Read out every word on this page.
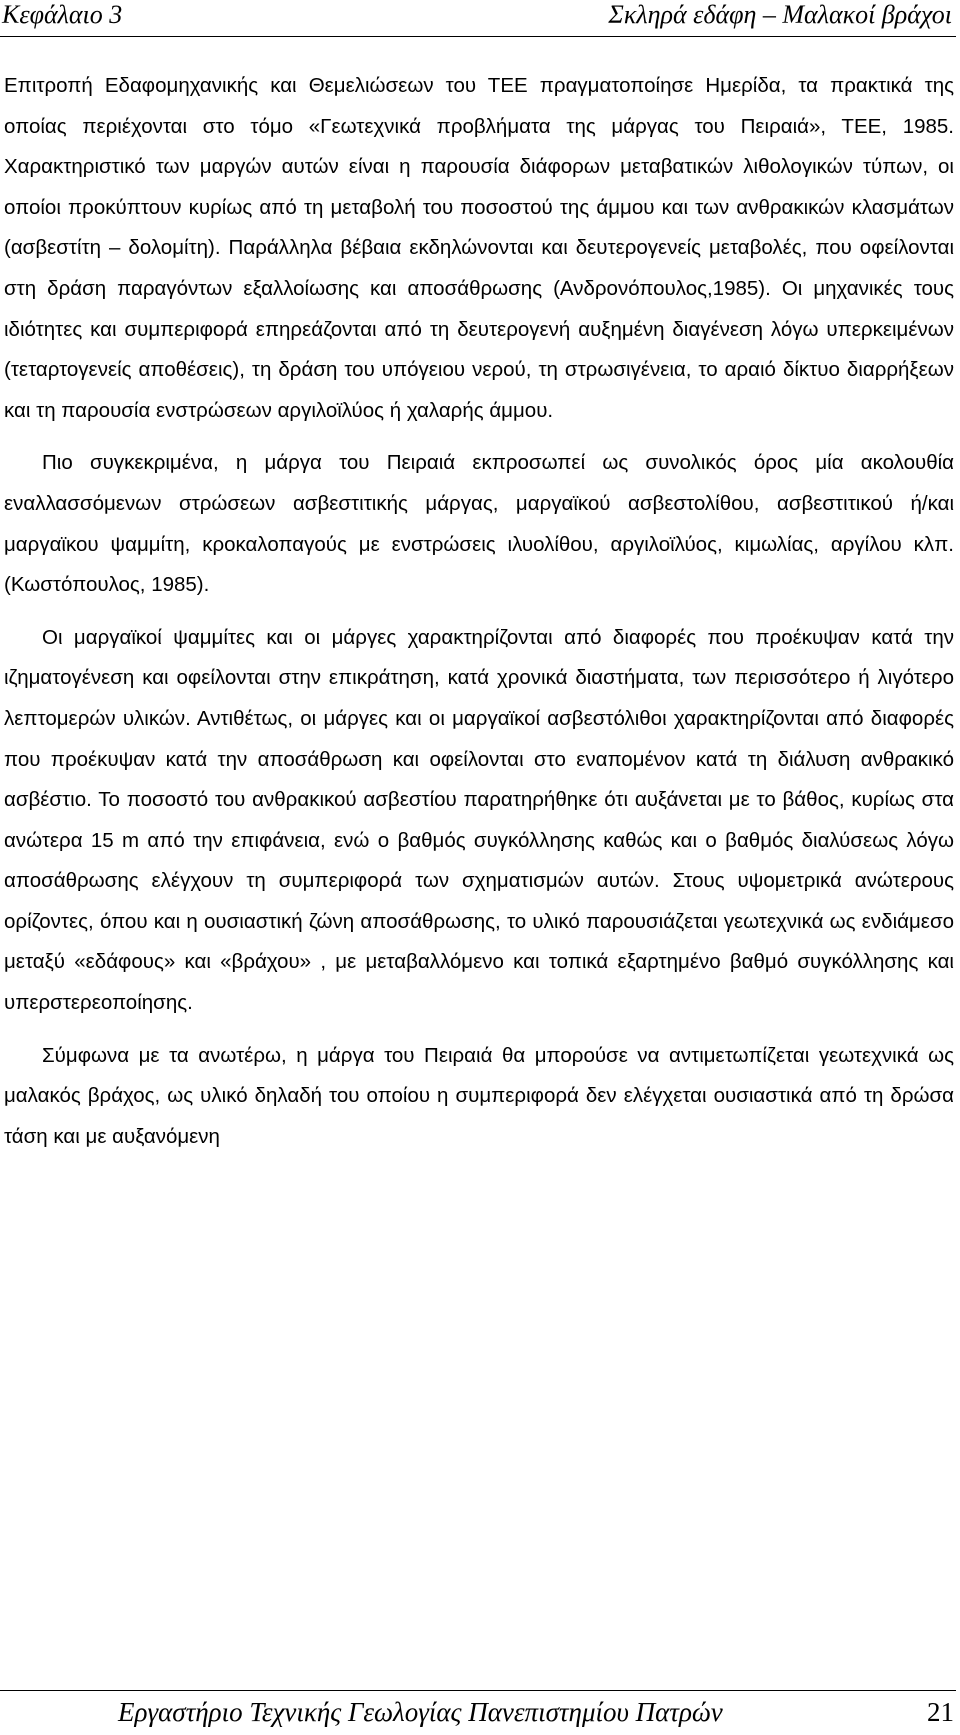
Κεφάλαιο 3	Σκληρά εδάφη – Μαλακοί βράχοι

Επιτροπή Εδαφομηχανικής και Θεμελιώσεων του ΤΕΕ πραγματοποίησε Ημερίδα, τα πρακτικά της οποίας περιέχονται στο τόμο «Γεωτεχνικά προβλήματα της μάργας του Πειραιά», ΤΕΕ, 1985. Χαρακτηριστικό των μαργών αυτών είναι η παρουσία διάφορων μεταβατικών λιθολογικών τύπων, οι οποίοι προκύπτουν κυρίως από τη μεταβολή του ποσοστού της άμμου και των ανθρακικών κλασμάτων (ασβεστίτη – δολομίτη). Παράλληλα βέβαια εκδηλώνονται και δευτερογενείς μεταβολές, που οφείλονται στη δράση παραγόντων εξαλλοίωσης και αποσάθρωσης (Ανδρονόπουλος,1985). Οι μηχανικές τους ιδιότητες και συμπεριφορά επηρεάζονται από τη δευτερογενή αυξημένη διαγένεση λόγω υπερκειμένων (τεταρτογενείς αποθέσεις), τη δράση του υπόγειου νερού, τη στρωσιγένεια, το αραιό δίκτυο διαρρήξεων και τη παρουσία ενστρώσεων αργιλοϊλύος ή χαλαρής άμμου.

Πιο συγκεκριμένα, η μάργα του Πειραιά εκπροσωπεί ως συνολικός όρος μία ακολουθία εναλλασσόμενων στρώσεων ασβεστιτικής μάργας, μαργαϊκού ασβεστολίθου, ασβεστιτικού ή/και μαργαϊκου ψαμμίτη, κροκαλοπαγούς με ενστρώσεις ιλυολίθου, αργιλοϊλύος, κιμωλίας, αργίλου κλπ.(Κωστόπουλος, 1985).

Οι μαργαϊκοί ψαμμίτες και οι μάργες χαρακτηρίζονται από διαφορές που προέκυψαν κατά την ιζηματογένεση και οφείλονται στην επικράτηση, κατά χρονικά διαστήματα, των περισσότερο ή λιγότερο λεπτομερών υλικών. Αντιθέτως, οι μάργες και οι μαργαϊκοί ασβεστόλιθοι χαρακτηρίζονται από διαφορές που προέκυψαν κατά την αποσάθρωση και οφείλονται στο εναπομένον κατά τη διάλυση ανθρακικό ασβέστιο. Το ποσοστό του ανθρακικού ασβεστίου παρατηρήθηκε ότι αυξάνεται με το βάθος, κυρίως στα ανώτερα 15 m από την επιφάνεια, ενώ ο βαθμός συγκόλλησης καθώς και ο βαθμός διαλύσεως λόγω αποσάθρωσης ελέγχουν τη συμπεριφορά των σχηματισμών αυτών. Στους υψομετρικά ανώτερους ορίζοντες, όπου και η ουσιαστική ζώνη αποσάθρωσης, το υλικό παρουσιάζεται γεωτεχνικά ως ενδιάμεσο μεταξύ «εδάφους» και «βράχου» , με μεταβαλλόμενο και τοπικά εξαρτημένο βαθμό συγκόλλησης και υπερστερεοποίησης.

Σύμφωνα με τα ανωτέρω, η μάργα του Πειραιά θα μπορούσε να αντιμετωπίζεται γεωτεχνικά ως μαλακός βράχος, ως υλικό δηλαδή του οποίου η συμπεριφορά δεν ελέγχεται ουσιαστικά από τη δρώσα τάση και με αυξανόμενη

Εργαστήριο Τεχνικής Γεωλογίας Πανεπιστημίου Πατρών	21
